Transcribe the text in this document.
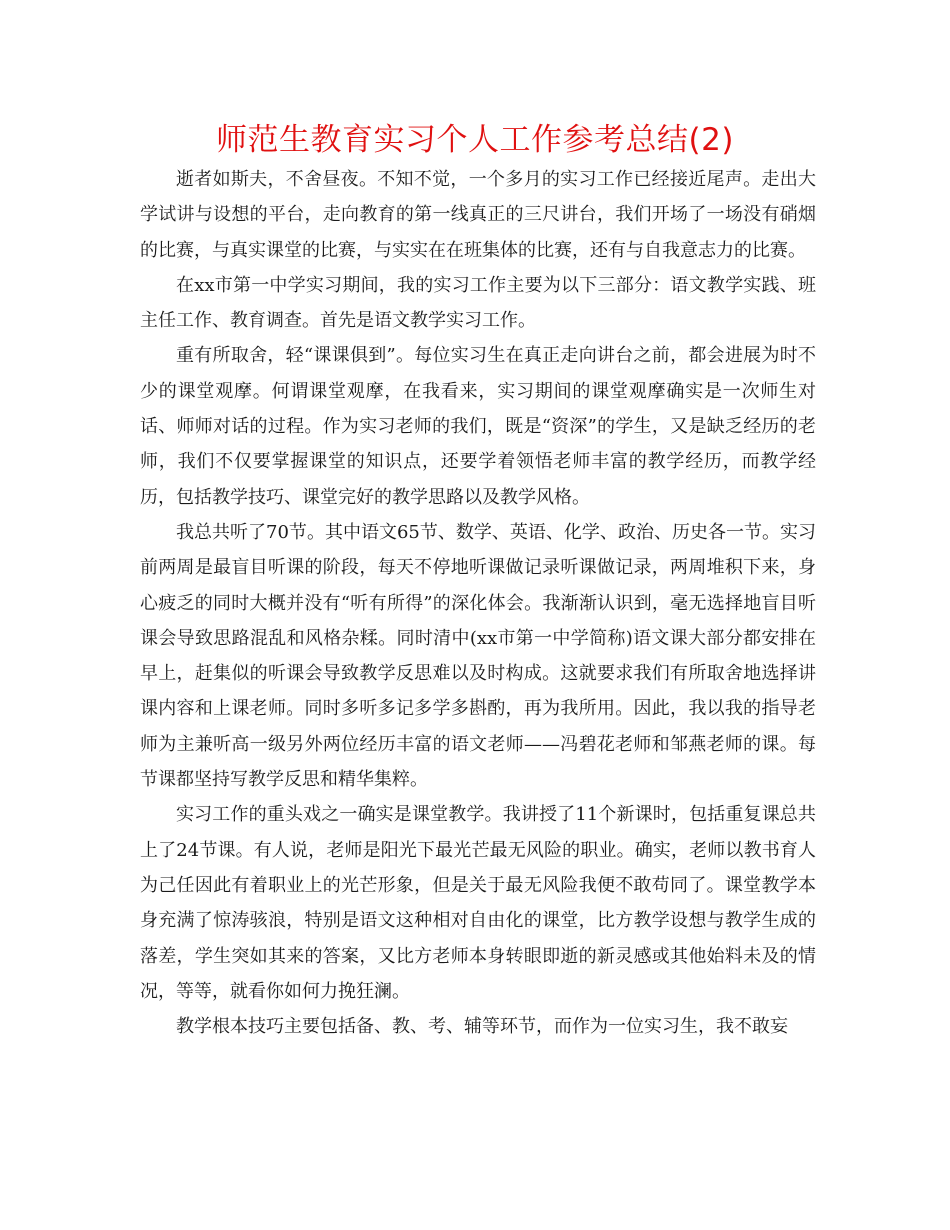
师范生教育实习个人工作参考总结(2)

逝者如斯夫，不舍昼夜。不知不觉，一个多月的实习工作已经接近尾声。走出大学试讲与设想的平台，走向教育的第一线真正的三尺讲台，我们开场了一场没有硝烟的比赛，与真实课堂的比赛，与实实在在班集体的比赛，还有与自我意志力的比赛。

在xx市第一中学实习期间，我的实习工作主要为以下三部分：语文教学实践、班主任工作、教育调查。首先是语文教学实习工作。

重有所取舍，轻“课课俱到”。每位实习生在真正走向讲台之前，都会进展为时不少的课堂观摩。何谓课堂观摩，在我看来，实习期间的课堂观摩确实是一次师生对话、师师对话的过程。作为实习老师的我们，既是“资深”的学生，又是缺乏经历的老师，我们不仅要掌握课堂的知识点，还要学着领悟老师丰富的教学经历，而教学经历，包括教学技巧、课堂完好的教学思路以及教学风格。

我总共听了70节。其中语文65节、数学、英语、化学、政治、历史各一节。实习前两周是最盲目听课的阶段，每天不停地听课做记录听课做记录，两周堆积下来，身心疲乏的同时大概并没有“听有所得”的深化体会。我渐渐认识到，毫无选择地盲目听课会导致思路混乱和风格杂糅。同时清中(xx市第一中学简称)语文课大部分都安排在早上，赶集似的听课会导致教学反思难以及时构成。这就要求我们有所取舍地选择讲课内容和上课老师。同时多听多记多学多斟酌，再为我所用。因此，我以我的指导老师为主兼听高一级另外两位经历丰富的语文老师——冯碧花老师和邹燕老师的课。每节课都坚持写教学反思和精华集粹。

实习工作的重头戏之一确实是课堂教学。我讲授了11个新课时，包括重复课总共上了24节课。有人说，老师是阳光下最光芒最无风险的职业。确实，老师以教书育人为己任因此有着职业上的光芒形象，但是关于最无风险我便不敢苟同了。课堂教学本身充满了惊涛骇浪，特别是语文这种相对自由化的课堂，比方教学设想与教学生成的落差，学生突如其来的答案，又比方老师本身转眼即逝的新灵感或其他始料未及的情况，等等，就看你如何力挽狂澜。

教学根本技巧主要包括备、教、考、辅等环节，而作为一位实习生，我不敢妄
